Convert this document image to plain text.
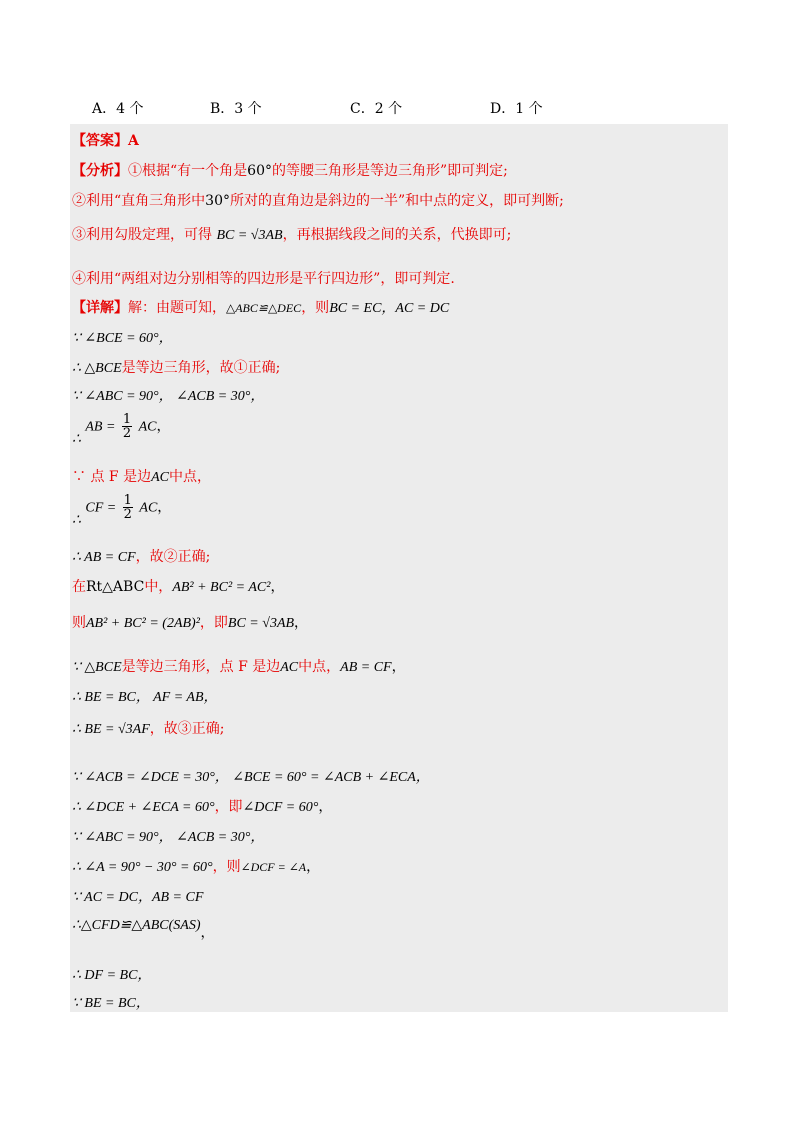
A．4 个	B．3 个	C．2 个	D．1 个
【答案】A
【分析】①根据“有一个角是60°的等腰三角形是等边三角形”即可判定;
②利用“直角三角形中30°所对的直角边是斜边的一半”和中点的定义，即可判断;
③利用勾股定理，可得 BC = √3AB，再根据线段之间的关系，代换即可;
④利用“两组对边分别相等的四边形是平行四边形”，即可判定.
【详解】解：由题可知，△ABC≌△DEC，则BC = EC，AC = DC
∵ ∠BCE = 60°，
∴ △BCE是等边三角形，故①正确;
∵ ∠ABC = 90°， ∠ACB = 30°，
∴ AB = $\frac{1}{2}$ AC，
∵ 点 F 是边AC中点，
∴ CF = $\frac{1}{2}$ AC，
∴ AB = CF，故②正确;
在Rt△ABC中，AB² + BC² = AC²，
则AB² + BC² = (2AB)²，即BC = √3AB，
∵ △BCE是等边三角形，点 F 是边AC中点，AB = CF，
∴ BE = BC， AF = AB，
∴ BE = √3AF，故③正确;
∵ ∠ACB = ∠DCE = 30°， ∠BCE = 60° = ∠ACB + ∠ECA，
∴ ∠DCE + ∠ECA = 60°，即∠DCF = 60°，
∵ ∠ABC = 90°， ∠ACB = 30°，
∴ ∠A = 90° − 30° = 60°，则∠DCF = ∠A，
∵ AC = DC，AB = CF
∴△CFD≌△ABC(SAS)，
∴ DF = BC，
∵ BE = BC，
